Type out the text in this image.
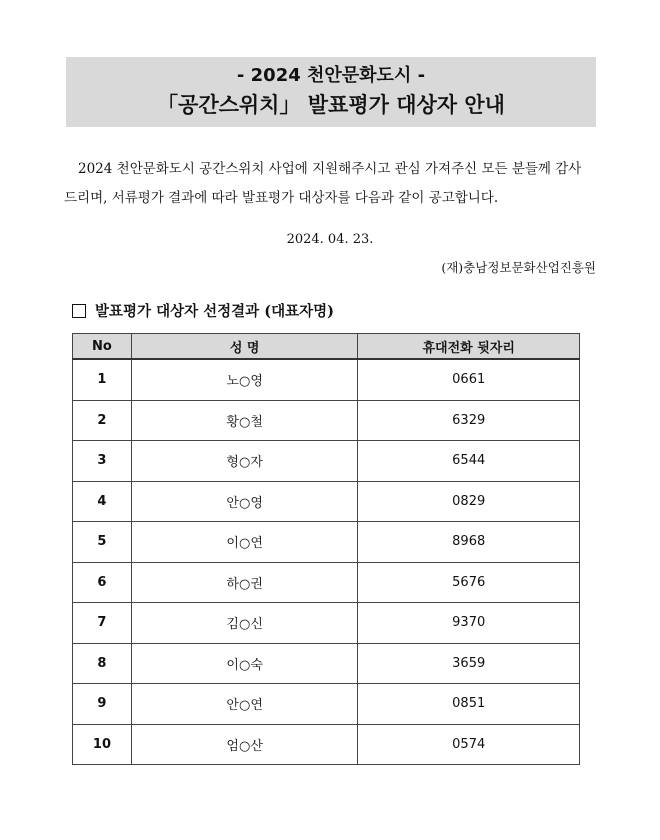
- 2024 천안문화도시 -
「공간스위치」 발표평가 대상자 안내
2024 천안문화도시 공간스위치 사업에 지원해주시고 관심 가져주신 모든 분들께 감사
드리며, 서류평가 결과에 따라 발표평가 대상자를 다음과 같이 공고합니다.
2024. 04. 23.
(재)충남정보문화산업진흥원
발표평가 대상자 선정결과 (대표자명)
No	성 명	휴대전화 뒷자리
1	노○영	0661
2	황○철	6329
3	형○자	6544
4	안○영	0829
5	이○연	8968
6	하○권	5676
7	김○신	9370
8	이○숙	3659
9	안○연	0851
10	엄○산	0574
